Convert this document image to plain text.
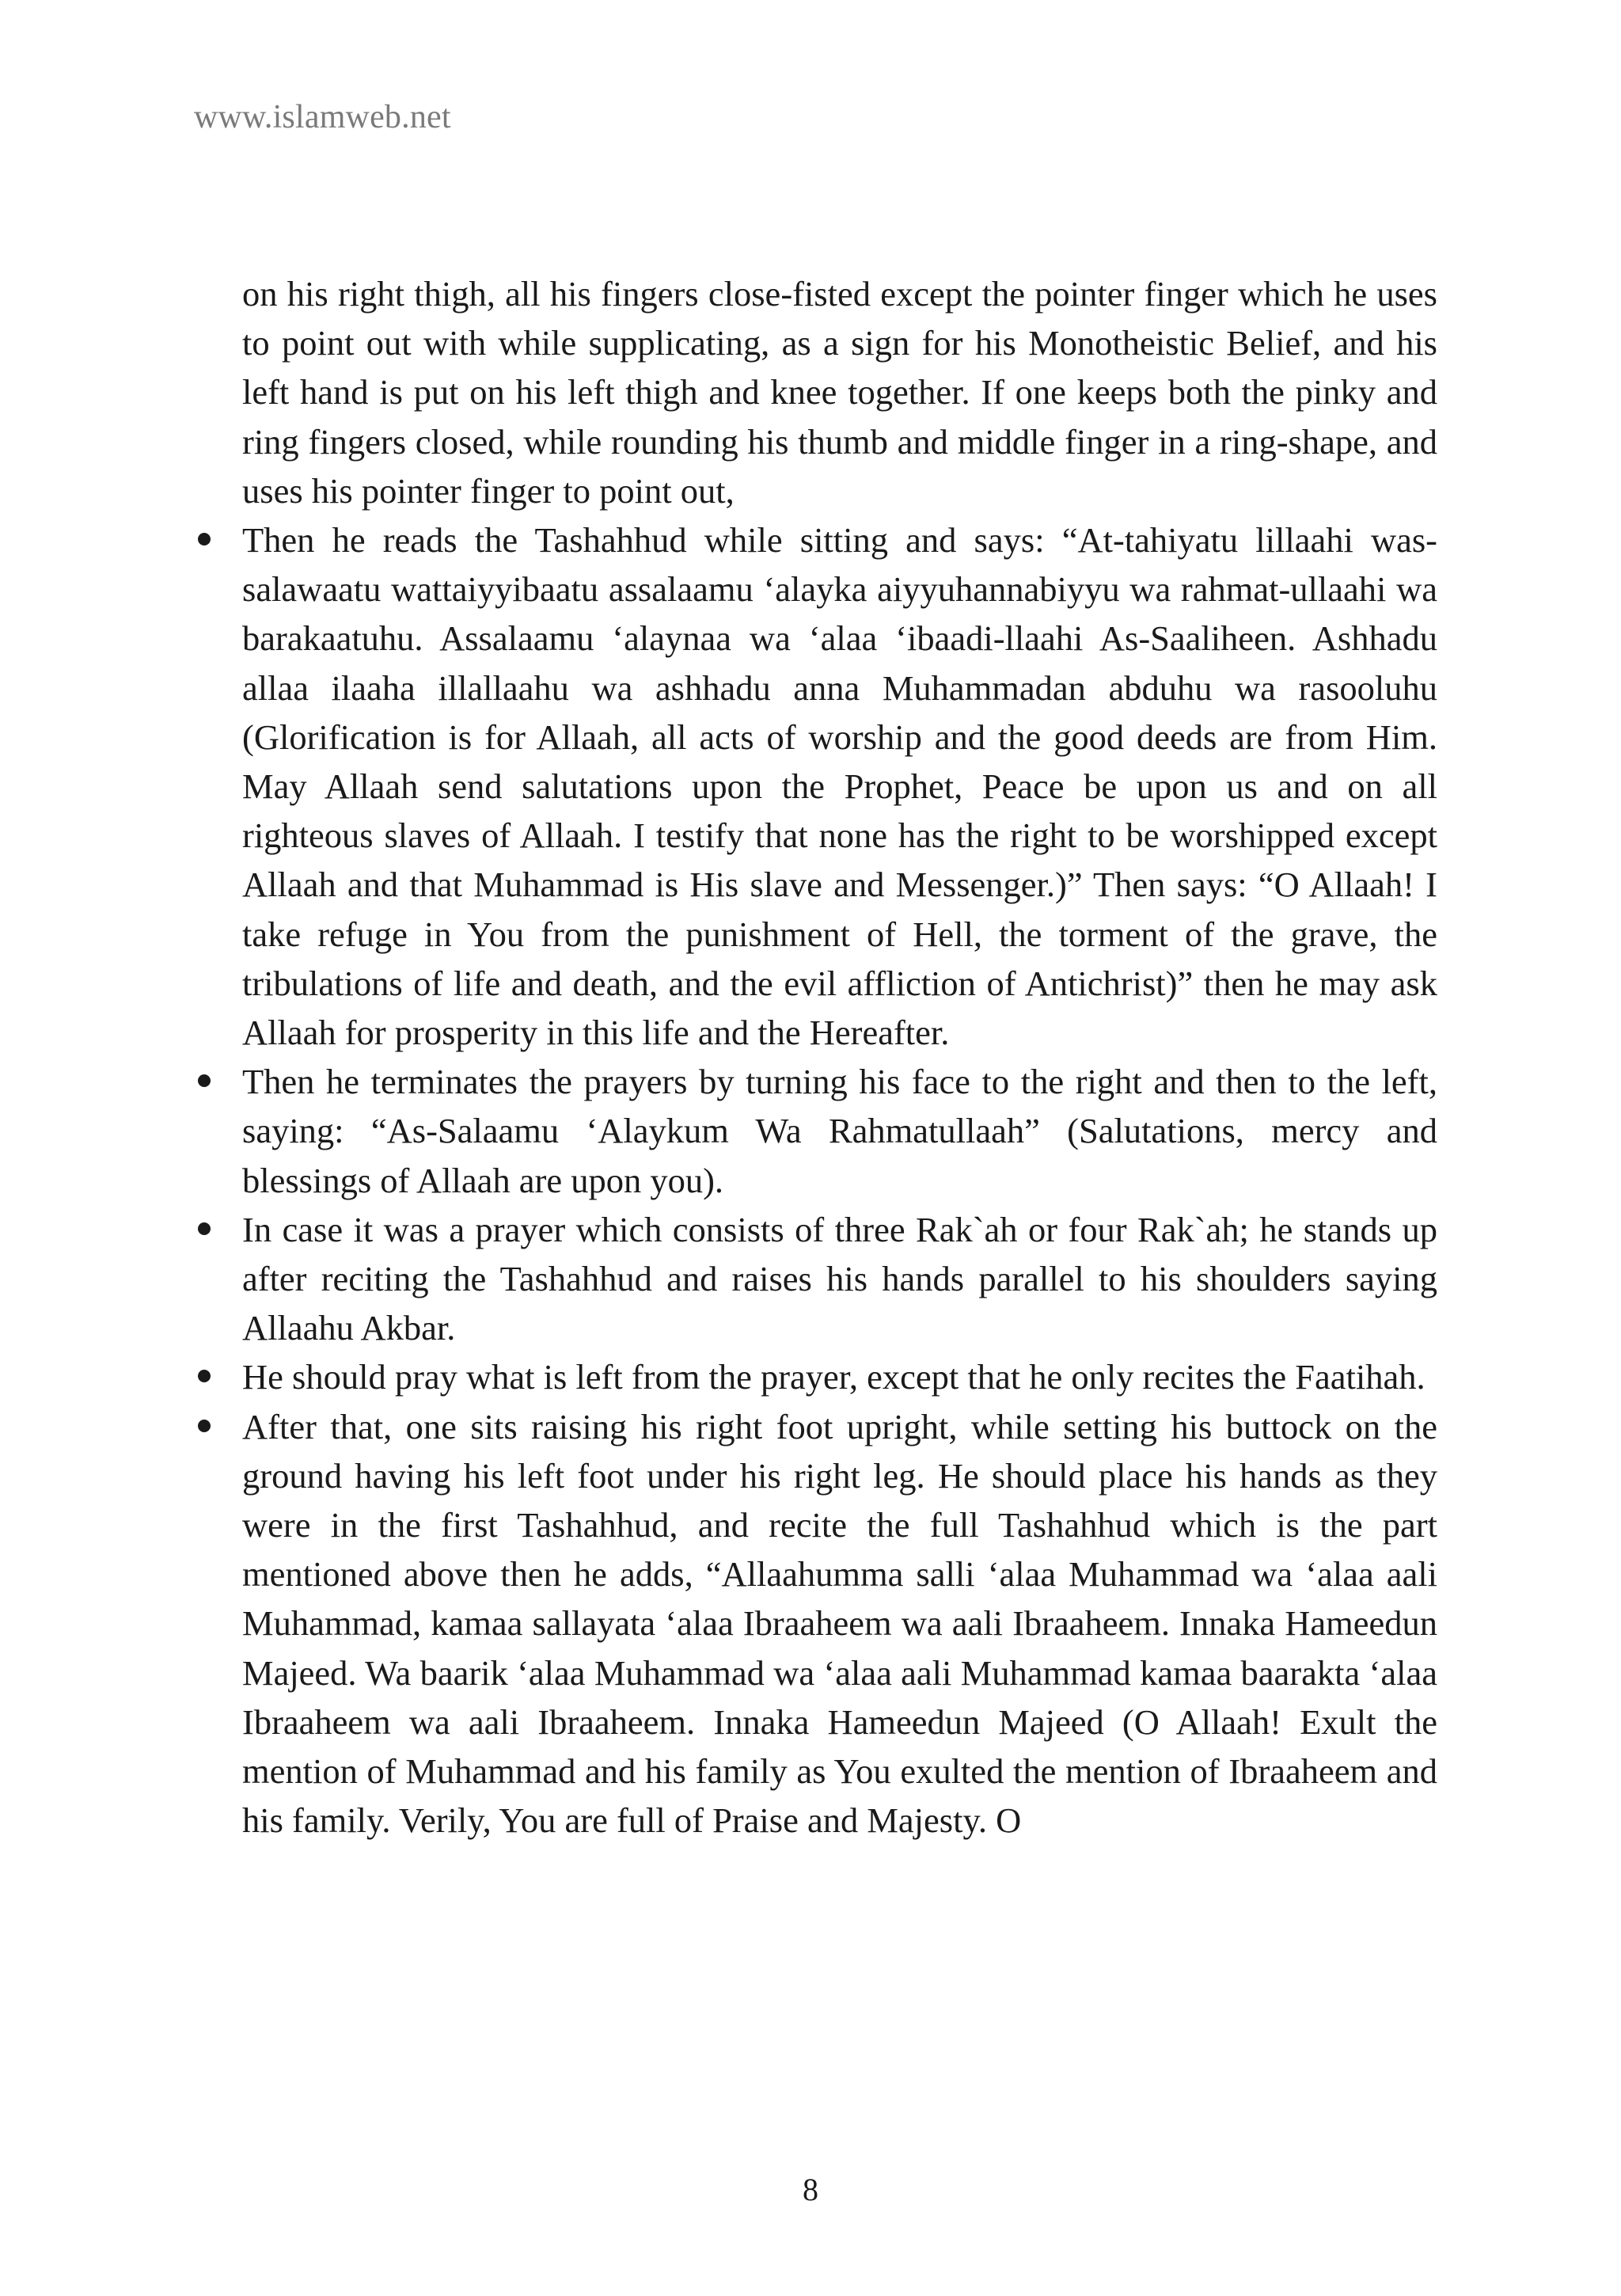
www.islamweb.net

on his right thigh, all his fingers close-fisted except the pointer finger which he uses to point out with while supplicating, as a sign for his Monotheistic Belief, and his left hand is put on his left thigh and knee together. If one keeps both the pinky and ring fingers closed, while rounding his thumb and middle finger in a ring-shape, and uses his pointer finger to point out,

Then he reads the Tashahhud while sitting and says: “At-tahiyatu lillaahi was-salawaatu wattaiyyibaatu assalaamu ‘alayka aiyyuhannabiyyu wa rahmat-ullaahi wa barakaatuhu. Assalaamu ‘alaynaa wa ‘alaa ‘ibaadi-llaahi As-Saaliheen. Ashhadu allaa ilaaha illallaahu wa ashhadu anna Muhammadan abduhu wa rasooluhu (Glorification is for Allaah, all acts of worship and the good deeds are from Him. May Allaah send salutations upon the Prophet, Peace be upon us and on all righteous slaves of Allaah. I testify that none has the right to be worshipped except Allaah and that Muhammad is His slave and Messenger.)” Then says: “O Allaah! I take refuge in You from the punishment of Hell, the torment of the grave, the tribulations of life and death, and the evil affliction of Antichrist)” then he may ask Allaah for prosperity in this life and the Hereafter.
Then he terminates the prayers by turning his face to the right and then to the left, saying: “As-Salaamu ‘Alaykum Wa Rahmatullaah” (Salutations, mercy and blessings of Allaah are upon you).
In case it was a prayer which consists of three Rak`ah or four Rak`ah; he stands up after reciting the Tashahhud and raises his hands parallel to his shoulders saying Allaahu Akbar.
He should pray what is left from the prayer, except that he only recites the Faatihah.
After that, one sits raising his right foot upright, while setting his buttock on the ground having his left foot under his right leg. He should place his hands as they were in the first Tashahhud, and recite the full Tashahhud which is the part mentioned above then he adds, “Allaahumma salli ‘alaa Muhammad wa ‘alaa aali Muhammad, kamaa sallayata ‘alaa Ibraaheem wa aali Ibraaheem. Innaka Hameedun Majeed. Wa baarik ‘alaa Muhammad wa ‘alaa aali Muhammad kamaa baarakta ‘alaa Ibraaheem wa aali Ibraaheem. Innaka Hameedun Majeed (O Allaah! Exult the mention of Muhammad and his family as You exulted the mention of Ibraaheem and his family. Verily, You are full of Praise and Majesty. O
8
